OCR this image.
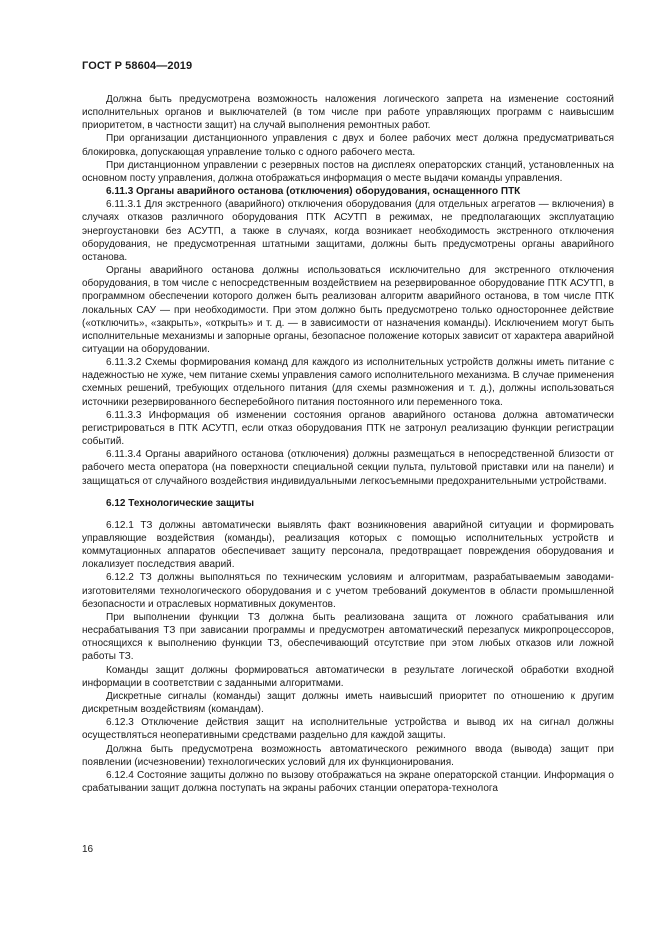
ГОСТ Р 58604—2019

Должна быть предусмотрена возможность наложения логического запрета на изменение состояний исполнительных органов и выключателей (в том числе при работе управляющих программ с наивысшим приоритетом, в частности защит) на случай выполнения ремонтных работ.

При организации дистанционного управления с двух и более рабочих мест должна предусматриваться блокировка, допускающая управление только с одного рабочего места.

При дистанционном управлении с резервных постов на дисплеях операторских станций, установленных на основном посту управления, должна отображаться информация о месте выдачи команды управления.

6.11.3 Органы аварийного останова (отключения) оборудования, оснащенного ПТК

6.11.3.1 Для экстренного (аварийного) отключения оборудования (для отдельных агрегатов — включения) в случаях отказов различного оборудования ПТК АСУТП в режимах, не предполагающих эксплуатацию энергоустановки без АСУТП, а также в случаях, когда возникает необходимость экстренного отключения оборудования, не предусмотренная штатными защитами, должны быть предусмотрены органы аварийного останова.

Органы аварийного останова должны использоваться исключительно для экстренного отключения оборудования, в том числе с непосредственным воздействием на резервированное оборудование ПТК АСУТП, в программном обеспечении которого должен быть реализован алгоритм аварийного останова, в том числе ПТК локальных САУ — при необходимости. При этом должно быть предусмотрено только одностороннее действие («отключить», «закрыть», «открыть» и т. д. — в зависимости от назначения команды). Исключением могут быть исполнительные механизмы и запорные органы, безопасное положение которых зависит от характера аварийной ситуации на оборудовании.

6.11.3.2 Схемы формирования команд для каждого из исполнительных устройств должны иметь питание с надежностью не хуже, чем питание схемы управления самого исполнительного механизма. В случае применения схемных решений, требующих отдельного питания (для схемы размножения и т. д.), должны использоваться источники резервированного бесперебойного питания постоянного или переменного тока.

6.11.3.3 Информация об изменении состояния органов аварийного останова должна автоматически регистрироваться в ПТК АСУТП, если отказ оборудования ПТК не затронул реализацию функции регистрации событий.

6.11.3.4 Органы аварийного останова (отключения) должны размещаться в непосредственной близости от рабочего места оператора (на поверхности специальной секции пульта, пультовой приставки или на панели) и защищаться от случайного воздействия индивидуальными легкосъемными предохранительными устройствами.

6.12 Технологические защиты

6.12.1 ТЗ должны автоматически выявлять факт возникновения аварийной ситуации и формировать управляющие воздействия (команды), реализация которых с помощью исполнительных устройств и коммутационных аппаратов обеспечивает защиту персонала, предотвращает повреждения оборудования и локализует последствия аварий.

6.12.2 ТЗ должны выполняться по техническим условиям и алгоритмам, разрабатываемым заводами-изготовителями технологического оборудования и с учетом требований документов в области промышленной безопасности и отраслевых нормативных документов.

При выполнении функции ТЗ должна быть реализована защита от ложного срабатывания или несрабатывания ТЗ при зависании программы и предусмотрен автоматический перезапуск микропроцессоров, относящихся к выполнению функции ТЗ, обеспечивающий отсутствие при этом любых отказов или ложной работы ТЗ.

Команды защит должны формироваться автоматически в результате логической обработки входной информации в соответствии с заданными алгоритмами.

Дискретные сигналы (команды) защит должны иметь наивысший приоритет по отношению к другим дискретным воздействиям (командам).

6.12.3 Отключение действия защит на исполнительные устройства и вывод их на сигнал должны осуществляться неоперативными средствами раздельно для каждой защиты.

Должна быть предусмотрена возможность автоматического режимного ввода (вывода) защит при появлении (исчезновении) технологических условий для их функционирования.

6.12.4 Состояние защиты должно по вызову отображаться на экране операторской станции. Информация о срабатывании защит должна поступать на экраны рабочих станции оператора-технолога

16
